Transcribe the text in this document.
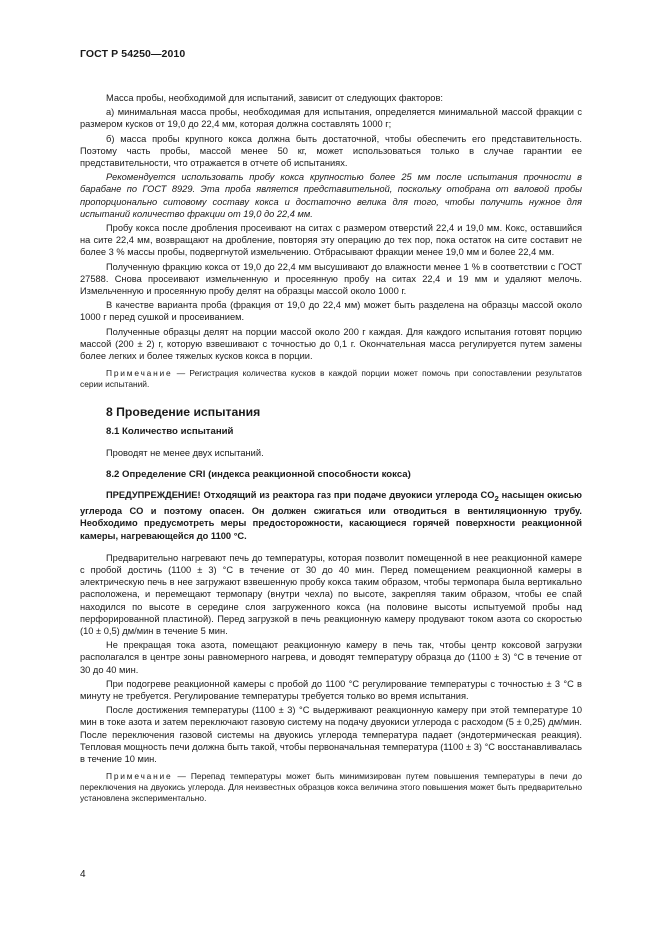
ГОСТ Р 54250—2010

Масса пробы, необходимой для испытаний, зависит от следующих факторов:

а) минимальная масса пробы, необходимая для испытания, определяется минимальной массой фракции с размером кусков от 19,0 до 22,4 мм, которая должна составлять 1000 г;

б) масса пробы крупного кокса должна быть достаточной, чтобы обеспечить его представительность. Поэтому часть пробы, массой менее 50 кг, может использоваться только в случае гарантии ее представительности, что отражается в отчете об испытаниях.

Рекомендуется использовать пробу кокса крупностью более 25 мм после испытания прочности в барабане по ГОСТ 8929. Эта проба является представительной, поскольку отобрана от валовой пробы пропорционально ситовому составу кокса и достаточно велика для того, чтобы получить нужное для испытаний количество фракции от 19,0 до 22,4 мм.

Пробу кокса после дробления просеивают на ситах с размером отверстий 22,4 и 19,0 мм. Кокс, оставшийся на сите 22,4 мм, возвращают на дробление, повторяя эту операцию до тех пор, пока остаток на сите составит не более 3 % массы пробы, подвергнутой измельчению. Отбрасывают фракции менее 19,0 мм и более 22,4 мм.

Полученную фракцию кокса от 19,0 до 22,4 мм высушивают до влажности менее 1 % в соответствии с ГОСТ 27588. Снова просеивают измельченную и просеянную пробу на ситах 22,4 и 19 мм и удаляют мелочь. Измельченную и просеянную пробу делят на образцы массой около 1000 г.

В качестве варианта проба (фракция от 19,0 до 22,4 мм) может быть разделена на образцы массой около 1000 г перед сушкой и просеиванием.

Полученные образцы делят на порции массой около 200 г каждая. Для каждого испытания готовят порцию массой (200 ± 2) г, которую взвешивают с точностью до 0,1 г. Окончательная масса регулируется путем замены более легких и более тяжелых кусков кокса в порции.

Примечание — Регистрация количества кусков в каждой порции может помочь при сопоставлении результатов серии испытаний.

8 Проведение испытания
8.1 Количество испытаний

Проводят не менее двух испытаний.

8.2 Определение CRI (индекса реакционной способности кокса)

ПРЕДУПРЕЖДЕНИЕ! Отходящий из реактора газ при подаче двуокиси углерода $CO_2$ насыщен окисью углерода CO и поэтому опасен. Он должен сжигаться или отводиться в вентиляционную трубу. Необходимо предусмотреть меры предосторожности, касающиеся горячей поверхности реакционной камеры, нагревающейся до 1100 °C.

Предварительно нагревают печь до температуры, которая позволит помещенной в нее реакционной камере с пробой достичь (1100 ± 3) °C в течение от 30 до 40 мин. Перед помещением реакционной камеры в электрическую печь в нее загружают взвешенную пробу кокса таким образом, чтобы термопара была вертикально расположена, и перемещают термопару (внутри чехла) по высоте, закрепляя таким образом, чтобы ее спай находился по высоте в середине слоя загруженного кокса (на половине высоты испытуемой пробы над перфорированной пластиной). Перед загрузкой в печь реакционную камеру продувают током азота со скоростью (10 ± 0,5) дм/мин в течение 5 мин.

Не прекращая тока азота, помещают реакционную камеру в печь так, чтобы центр коксовой загрузки располагался в центре зоны равномерного нагрева, и доводят температуру образца до (1100 ± 3) °C в течение от 30 до 40 мин.

При подогреве реакционной камеры с пробой до 1100 °C регулирование температуры с точностью ± 3 °C в минуту не требуется. Регулирование температуры требуется только во время испытания.

После достижения температуры (1100 ± 3) °C выдерживают реакционную камеру при этой температуре 10 мин в токе азота и затем переключают газовую систему на подачу двуокиси углерода с расходом (5 ± 0,25) дм/мин. После переключения газовой системы на двуокись углерода температура падает (эндотермическая реакция). Тепловая мощность печи должна быть такой, чтобы первоначальная температура (1100 ± 3) °C восстанавливалась в течение 10 мин.

Примечание — Перепад температуры может быть минимизирован путем повышения температуры в печи до переключения на двуокись углерода. Для неизвестных образцов кокса величина этого повышения может быть предварительно установлена экспериментально.

4
